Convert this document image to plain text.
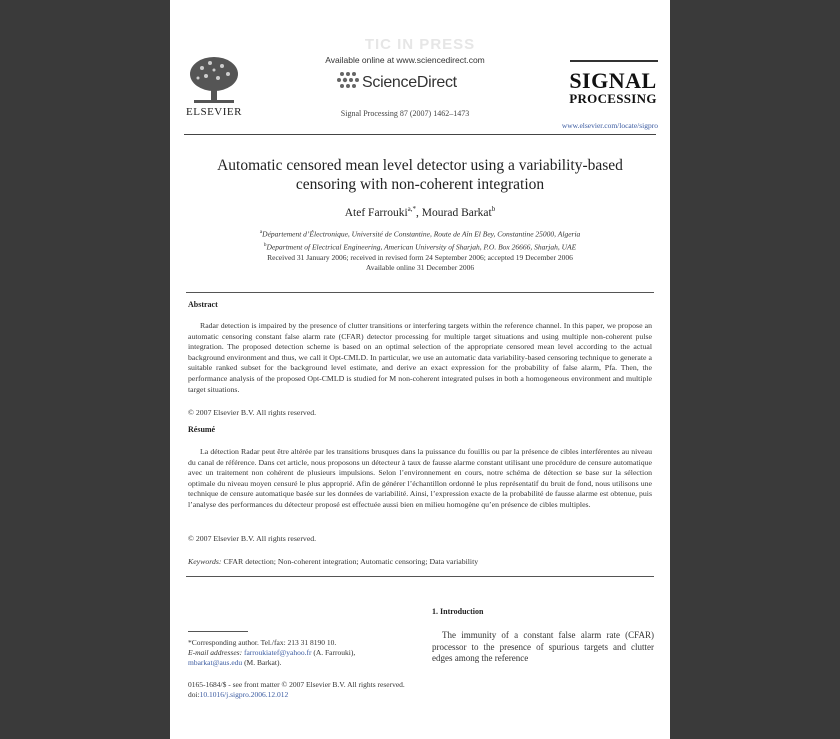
TIC IN PRESS
ELSEVIER
Available online at www.sciencedirect.com
ScienceDirect
Signal Processing 87 (2007) 1462–1473
SIGNAL
PROCESSING
www.elsevier.com/locate/sigpro
Automatic censored mean level detector using a variability-based
censoring with non-coherent integration
Atef Farrouki$^{a,*}$, Mourad Barkat$^b$
$^a$Département d’Électronique, Université de Constantine, Route de Aïn El Bey, Constantine 25000, Algeria
$^b$Department of Electrical Engineering, American University of Sharjah, P.O. Box 26666, Sharjah, UAE
Received 31 January 2006; received in revised form 24 September 2006; accepted 19 December 2006
Available online 31 December 2006
Abstract
Radar detection is impaired by the presence of clutter transitions or interfering targets within the reference channel. In this paper, we propose an automatic censoring constant false alarm rate (CFAR) detector processing for multiple target situations and using multiple non-coherent pulse integration. The proposed detection scheme is based on an optimal selection of the appropriate censored mean level according to the actual background environment and thus, we call it Opt-CMLD. In particular, we use an automatic data variability-based censoring technique to generate a suitable ranked subset for the background level estimate, and derive an exact expression for the probability of false alarm, Pfa. Then, the performance analysis of the proposed Opt-CMLD is studied for M non-coherent integrated pulses in both a homogeneous environment and multiple target situations.
© 2007 Elsevier B.V. All rights reserved.
Résumé
La détection Radar peut être altérée par les transitions brusques dans la puissance du fouillis ou par la présence de cibles interférentes au niveau du canal de référence. Dans cet article, nous proposons un détecteur à taux de fausse alarme constant utilisant une procédure de censure automatique avec un traitement non cohérent de plusieurs impulsions. Selon l’environnement en cours, notre schéma de détection se base sur la sélection optimale du niveau moyen censuré le plus approprié. Afin de générer l’échantillon ordonné le plus représentatif du bruit de fond, nous utilisons une technique de censure automatique basée sur les données de variabilité. Ainsi, l’expression exacte de la probabilité de fausse alarme est obtenue, puis l’analyse des performances du détecteur proposé est effectuée aussi bien en milieu homogène qu’en présence de cibles multiples.
© 2007 Elsevier B.V. All rights reserved.
Keywords: CFAR detection; Non-coherent integration; Automatic censoring; Data variability
1. Introduction
The immunity of a constant false alarm rate (CFAR) processor to the presence of spurious targets and clutter edges among the reference
*Corresponding author. Tel./fax: 213 31 8190 10.
E-mail addresses: farroukiatef@yahoo.fr (A. Farrouki),
mbarkat@aus.edu (M. Barkat).
0165-1684/$ - see front matter © 2007 Elsevier B.V. All rights reserved.
doi:10.1016/j.sigpro.2006.12.012
